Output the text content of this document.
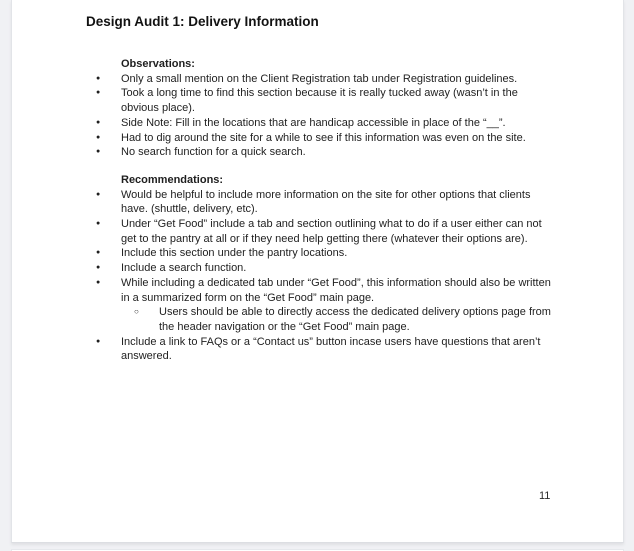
Design Audit 1: Delivery Information
Observations:
●	Only a small mention on the Client Registration tab under Registration guidelines.
●	Took a long time to find this section because it is really tucked away (wasn’t in the obvious place).
●	Side Note: Fill in the locations that are handicap accessible in place of the “__”.
●	Had to dig around the site for a while to see if this information was even on the site.
●	No search function for a quick search.
Recommendations:
●	Would be helpful to include more information on the site for other options that clients have. (shuttle, delivery, etc).
●	Under “Get Food” include a tab and section outlining what to do if a user either can not get to the pantry at all or if they need help getting there (whatever their options are).
●	Include this section under the pantry locations.
●	Include a search function.
●	While including a dedicated tab under “Get Food”, this information should also be written in a summarized form on the “Get Food” main page.
○	Users should be able to directly access the dedicated delivery options page from the header navigation or the “Get Food” main page.
●	Include a link to FAQs or a “Contact us” button incase users have questions that aren’t answered.
11
